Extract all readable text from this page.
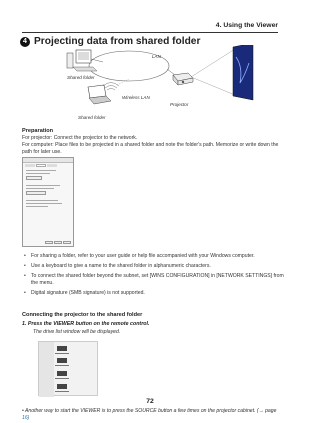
4. Using the Viewer
4 Projecting data from shared folder
LAN
Shared folder
Wireless LAN
Projector
Shared folder
Preparation
For projector: Connect the projector to the network.
For computer: Place files to be projected in a shared folder and note the folder's path. Memorize or write down the path for later use.
• For sharing a folder, refer to your user guide or help file accompanied with your Windows computer.
• Use a keyboard to give a name to the shared folder in alphanumeric characters.
• To connect the shared folder beyond the subnet, set [WINS CONFIGURATION] in [NETWORK SETTINGS] from the menu.
• Digital signature (SMB signature) is not supported.
Connecting the projector to the shared folder
1. Press the VIEWER button on the remote control.
The drive list window will be displayed.
• Another way to start the VIEWER is to press the SOURCE button a few times on the projector cabinet. (→ page 16)
72
